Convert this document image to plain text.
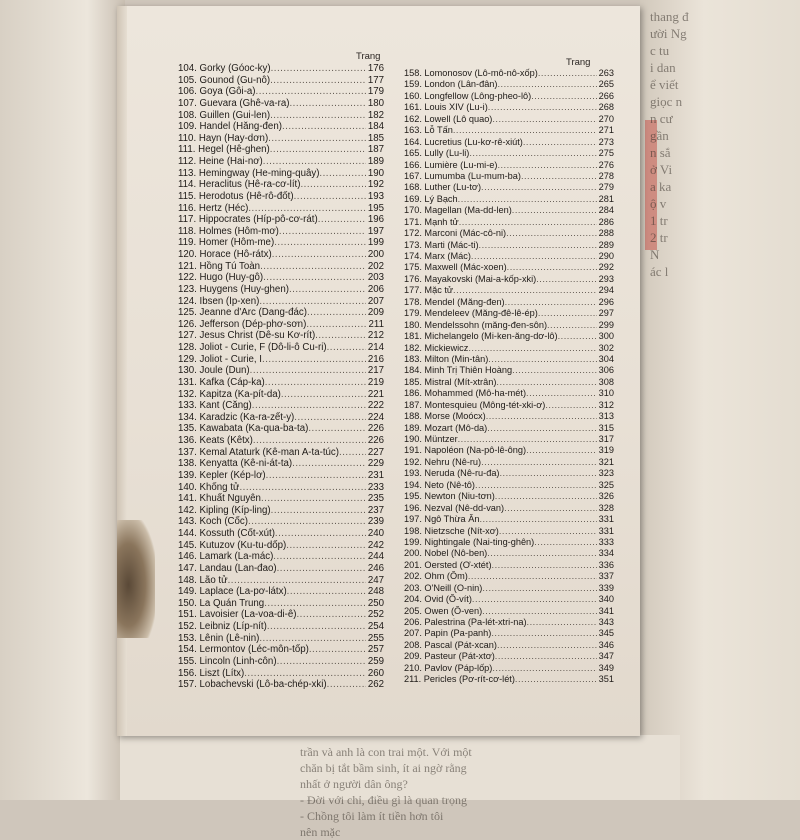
thang đ
ười Ng
c tu
i dan
ể viết
giọc n
n cư
gần
n sắ
ở Vi
a ka
ộ v
1 tr
2 tr
N
ác l
trần và anh là con trai một. Với một
chăn bị tắt bầm sinh, ít ai ngờ rằng
nhất ở người dân ông?
- Đời với chỉ, điều gì là quan trọng
- Chồng tôi làm ít tiền hơn tôi
nên mặc
Trang
Trang
104. Gorky (Góoc-ky) .....	176
105. Gounod (Gu-nô) .....	177
106. Goya (Gôi-a) .....	179
107. Guevara (Ghê-va-ra) .....	180
108. Guillen (Gui-len) .....	182
109. Handel (Hăng-đen) .....	184
110. Hayn (Hay-dơn) .....	185
111. Hegel (Hê-ghen) .....	187
112. Heine (Hai-nơ) .....	189
113. Hemingway (He-ming-quây) .....	190
114. Heraclitus (Hê-ra-cơ-lít) .....	192
115. Herodotus (Hê-rô-đốt) .....	193
116. Hertz (Héc) .....	195
117. Hippocrates (Híp-pô-cơ-rát) .....	196
118. Holmes (Hôm-mơ) .....	197
119. Homer (Hôm-me) .....	199
120. Horace (Hô-rátx) .....	200
121. Hồng Tú Toàn .....	202
122. Hugo (Huy-gô) .....	203
123. Huygens (Huy-ghen) .....	206
124. Ibsen (Íp-xen) .....	207
125. Jeanne d'Arc (Dang-đác) .....	209
126. Jefferson (Dép-phơ-sơn) .....	211
127. Jesus Christ (Dê-su Kơ-rít) .....	212
128. Joliot - Curie, F (Dô-li-ô Cu-ri) .....	214
129. Joliot - Curie, I .....	216
130. Joule (Dun) .....	217
131. Kafka (Cáp-ka) .....	219
132. Kapitza (Ka-pít-da) .....	221
133. Kant (Căng) .....	222
134. Karadzic (Ka-ra-zết-y) .....	224
135. Kawabata (Ka-qua-ba-ta) .....	226
136. Keats (Kêtx) .....	226
137. Kemal Ataturk (Kê-man A-ta-túc) .....	227
138. Kenyatta (Kê-ni-át-ta) .....	229
139. Kepler (Kép-lơ) .....	231
140. Khổng tử .....	233
141. Khuất Nguyên .....	235
142. Kipling (Kíp-ling) .....	237
143. Koch (Cốc) .....	239
144. Kossuth (Cốt-xút) .....	240
145. Kutuzov (Ku-tu-dốp) .....	242
146. Lamark (La-mác) .....	244
147. Landau (Lan-đao) .....	246
148. Lão tử .....	247
149. Laplace (La-pơ-látx) .....	248
150. La Quán Trung .....	250
151. Lavoisier (La-voa-di-ê) .....	252
152. Leibniz (Líp-nít) .....	254
153. Lênin (Lê-nin) .....	255
154. Lermontov (Léc-môn-tốp) .....	257
155. Lincoln (Linh-côn) .....	259
156. Liszt (Lítx) .....	260
157. Lobachevski (Lô-ba-chép-xki) .....	262
158. Lomonosov (Lô-mô-nô-xốp) .....	263
159. London (Lân-đân) .....	265
160. Longfellow (Lông-pheo-lô) .....	266
161. Louis XIV (Lu-i) .....	268
162. Lowell (Lô quao) .....	270
163. Lỗ Tấn .....	271
164. Lucretius (Lu-kơ-rê-xiút) .....	273
165. Lully (Lu-li) .....	275
166. Lumière (Lu-mi-e) .....	276
167. Lumumba (Lu-mum-ba) .....	278
168. Luther (Lu-tơ) .....	279
169. Lý Bạch .....	281
170. Magellan (Ma-dd-len) .....	284
171. Mạnh tử .....	286
172. Marconi (Mác-cô-ni) .....	288
173. Marti (Mác-ti) .....	289
174. Marx (Mác) .....	290
175. Maxwell (Mác-xoen) .....	292
176. Mayakovski (Mai-a-kốp-xki) .....	293
177. Mặc tử .....	294
178. Mendel (Măng-đen) .....	296
179. Mendeleev (Măng-đê-lê-ép) .....	297
180. Mendelssohn (măng-đen-sôn) .....	299
181. Michelangelo (Mi-ken-ăng-dơ-lô) .....	300
182. Mickiewicz .....	302
183. Milton (Min-tân) .....	304
184. Minh Trị Thiên Hoàng .....	306
185. Mistral (Mít-xtrân) .....	308
186. Mohammed (Mô-ha-mét) .....	310
187. Montesquieu (Mông-tét-xki-ơ) .....	312
188. Morse (Moócx) .....	313
189. Mozart (Mô-da) .....	315
190. Müntzer .....	317
191. Napoléon (Na-pô-lê-ông) .....	319
192. Nehru (Nê-ru) .....	321
193. Neruda (Nê-ru-đa) .....	323
194. Neto (Nê-tô) .....	325
195. Newton (Niu-tơn) .....	326
196. Nezval (Nê-dd-van) .....	328
197. Ngô Thừa Ân .....	331
198. Nietzsche (Nít-xơ) .....	331
199. Nightingale (Nai-ting-ghên) .....	333
200. Nobel (Nô-ben) .....	334
201. Oersted (Ơ-xtét) .....	336
202. Ohm (Ôm) .....	337
203. O'Neill (O-nin) .....	339
204. Ovid (Ô-vít) .....	340
205. Owen (Ô-ven) .....	341
206. Palestrina (Pa-lét-xtri-na) .....	343
207. Papin (Pa-panh) .....	345
208. Pascal (Pát-xcan) .....	346
209. Pasteur (Pát-xtơ) .....	347
210. Pavlov (Páp-lốp) .....	349
211. Pericles (Pơ-rít-cơ-lét) .....	351
